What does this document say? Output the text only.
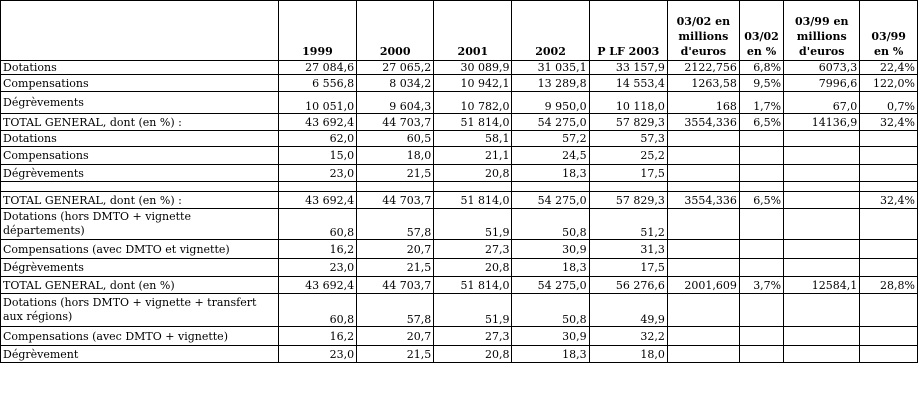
	1999	2000	2001	2002	P LF 2003	03/02 en millions d'euros	03/02 en %	03/99 en millions d'euros	03/99 en %
Dotations	27 084,6	27 065,2	30 089,9	31 035,1	33 157,9	2122,756	6,8%	6073,3	22,4%
Compensations	6 556,8	8 034,2	10 942,1	13 289,8	14 553,4	1263,58	9,5%	7996,6	122,0%
Dégrèvements	10 051,0	9 604,3	10 782,0	9 950,0	10 118,0	168	1,7%	67,0	0,7%
TOTAL GENERAL, dont (en %) :	43 692,4	44 703,7	51 814,0	54 275,0	57 829,3	3554,336	6,5%	14136,9	32,4%
Dotations	62,0	60,5	58,1	57,2	57,3				
Compensations	15,0	18,0	21,1	24,5	25,2				
Dégrèvements	23,0	21,5	20,8	18,3	17,5				

TOTAL GENERAL, dont (en %) :	43 692,4	44 703,7	51 814,0	54 275,0	57 829,3	3554,336	6,5%		32,4%
Dotations (hors DMTO + vignette départements)	60,8	57,8	51,9	50,8	51,2				
Compensations (avec DMTO et vignette)	16,2	20,7	27,3	30,9	31,3				
Dégrèvements	23,0	21,5	20,8	18,3	17,5				
TOTAL GENERAL, dont (en %)	43 692,4	44 703,7	51 814,0	54 275,0	56 276,6	2001,609	3,7%	12584,1	28,8%
Dotations (hors DMTO + vignette + transfert aux régions)	60,8	57,8	51,9	50,8	49,9				
Compensations (avec DMTO + vignette)	16,2	20,7	27,3	30,9	32,2				
Dégrèvement	23,0	21,5	20,8	18,3	18,0				
